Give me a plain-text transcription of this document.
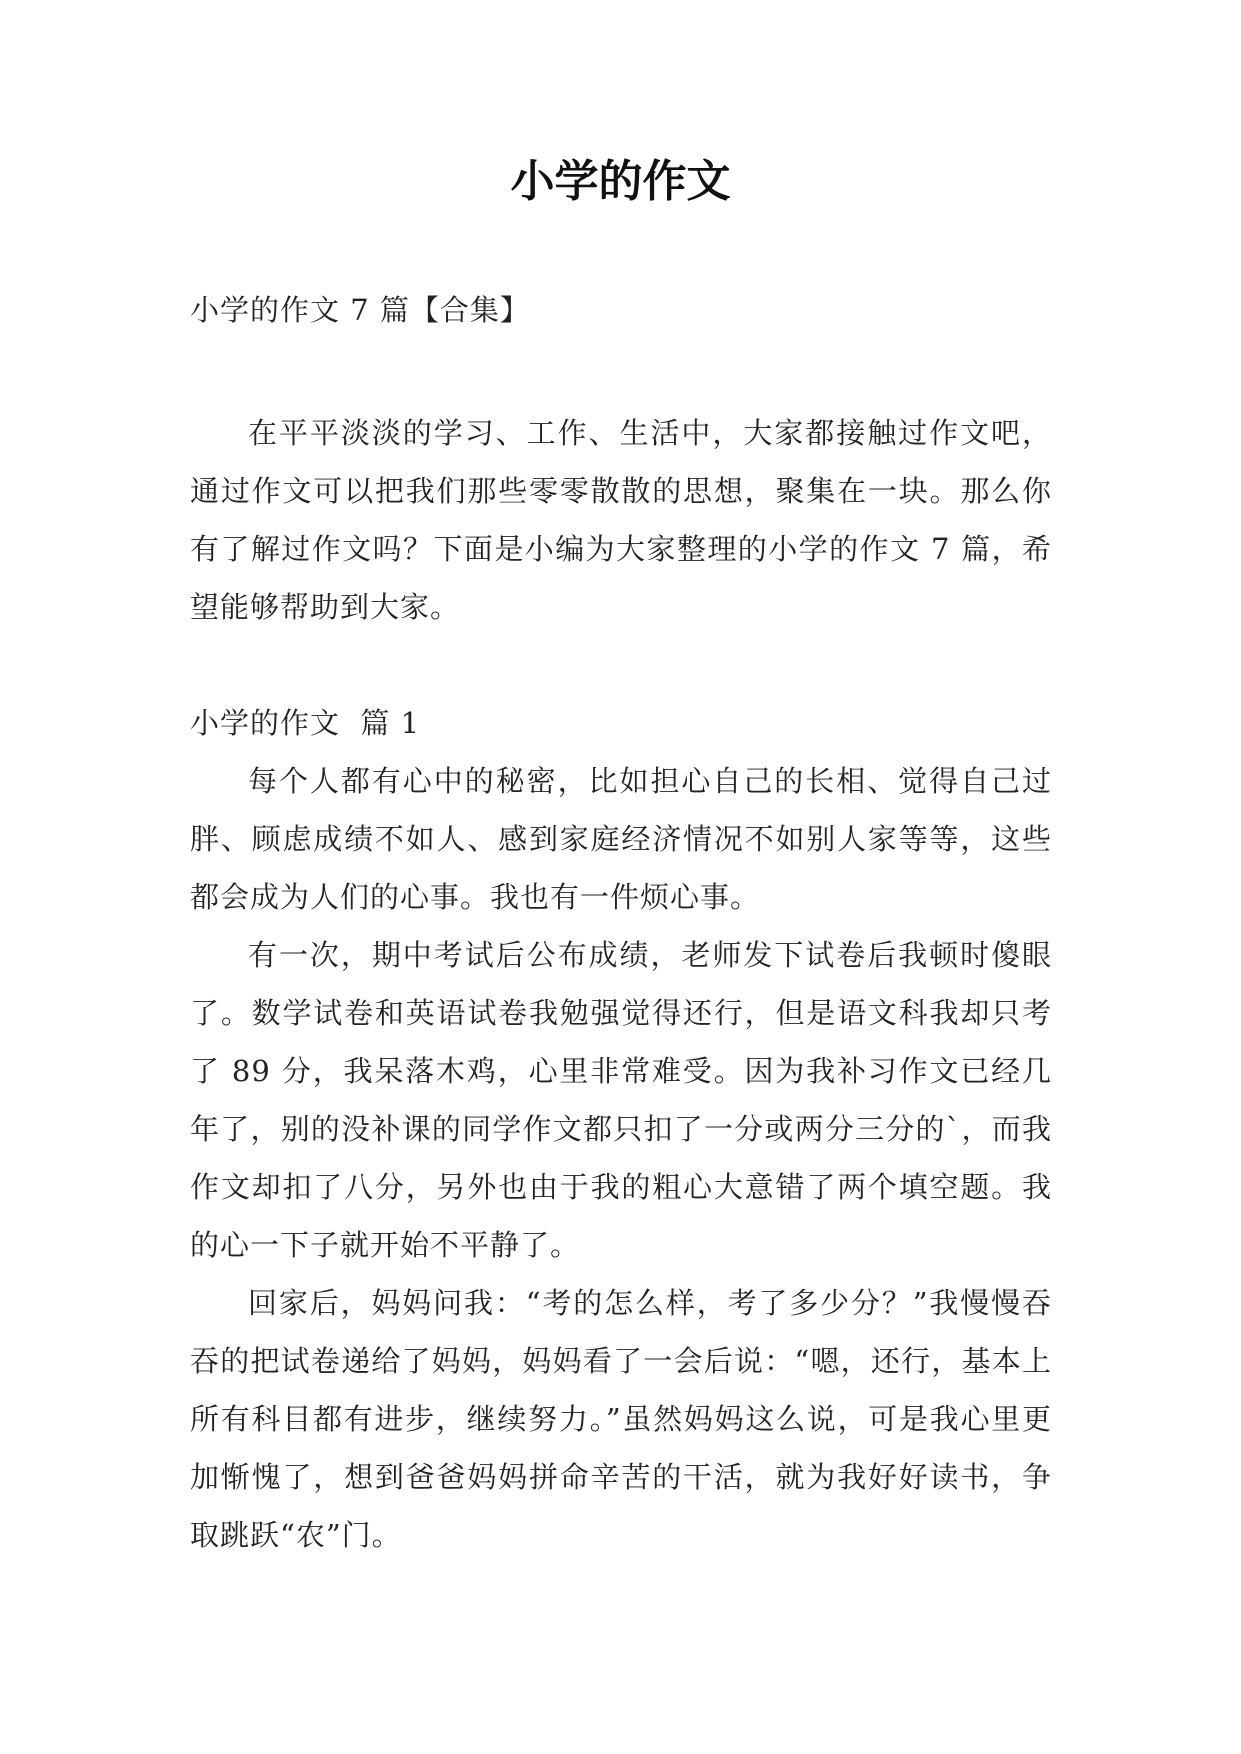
小学的作文
小学的作文 7 篇【合集】

在平平淡淡的学习、工作、生活中，大家都接触过作文吧，通过作文可以把我们那些零零散散的思想，聚集在一块。那么你有了解过作文吗？下面是小编为大家整理的小学的作文 7 篇，希望能够帮助到大家。

小学的作文  篇 1

每个人都有心中的秘密，比如担心自己的长相、觉得自己过胖、顾虑成绩不如人、感到家庭经济情况不如别人家等等，这些都会成为人们的心事。我也有一件烦心事。

有一次，期中考试后公布成绩，老师发下试卷后我顿时傻眼了。数学试卷和英语试卷我勉强觉得还行，但是语文科我却只考了 89 分，我呆落木鸡，心里非常难受。因为我补习作文已经几年了，别的没补课的同学作文都只扣了一分或两分三分的`，而我作文却扣了八分，另外也由于我的粗心大意错了两个填空题。我的心一下子就开始不平静了。

回家后，妈妈问我：“考的怎么样，考了多少分？”我慢慢吞吞的把试卷递给了妈妈，妈妈看了一会后说：“嗯，还行，基本上所有科目都有进步，继续努力。”虽然妈妈这么说，可是我心里更加惭愧了，想到爸爸妈妈拼命辛苦的干活，就为我好好读书，争取跳跃“农”门。
